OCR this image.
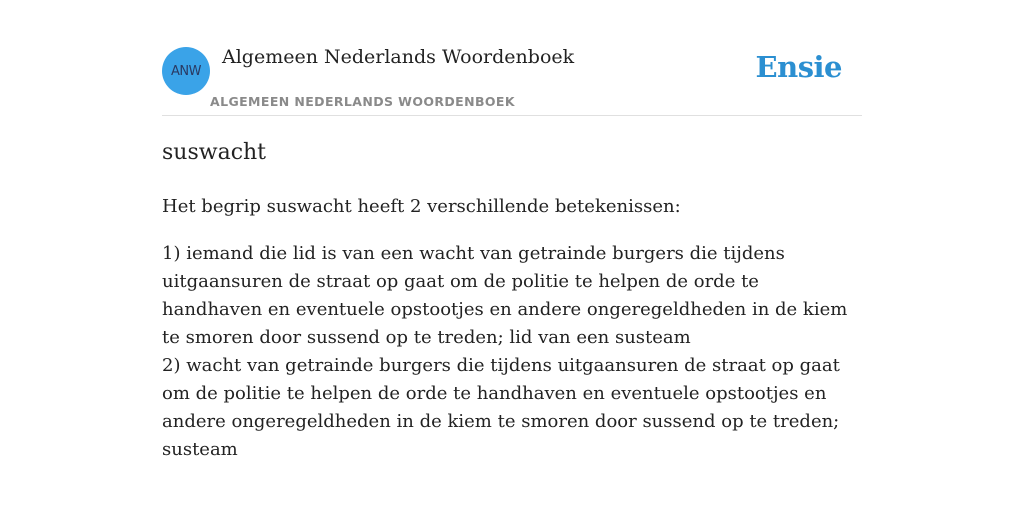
ANW
Algemeen Nederlands Woordenboek
ALGEMEEN NEDERLANDS WOORDENBOEK
Ensie
suswacht

Het begrip suswacht heeft 2 verschillende betekenissen:

1) iemand die lid is van een wacht van getrainde burgers die tijdens uitgaansuren de straat op gaat om de politie te helpen de orde te handhaven en eventuele opstootjes en andere ongeregeldheden in de kiem te smoren door sussend op te treden; lid van een susteam
2) wacht van getrainde burgers die tijdens uitgaansuren de straat op gaat om de politie te helpen de orde te handhaven en eventuele opstootjes en andere ongeregeldheden in de kiem te smoren door sussend op te treden; susteam
